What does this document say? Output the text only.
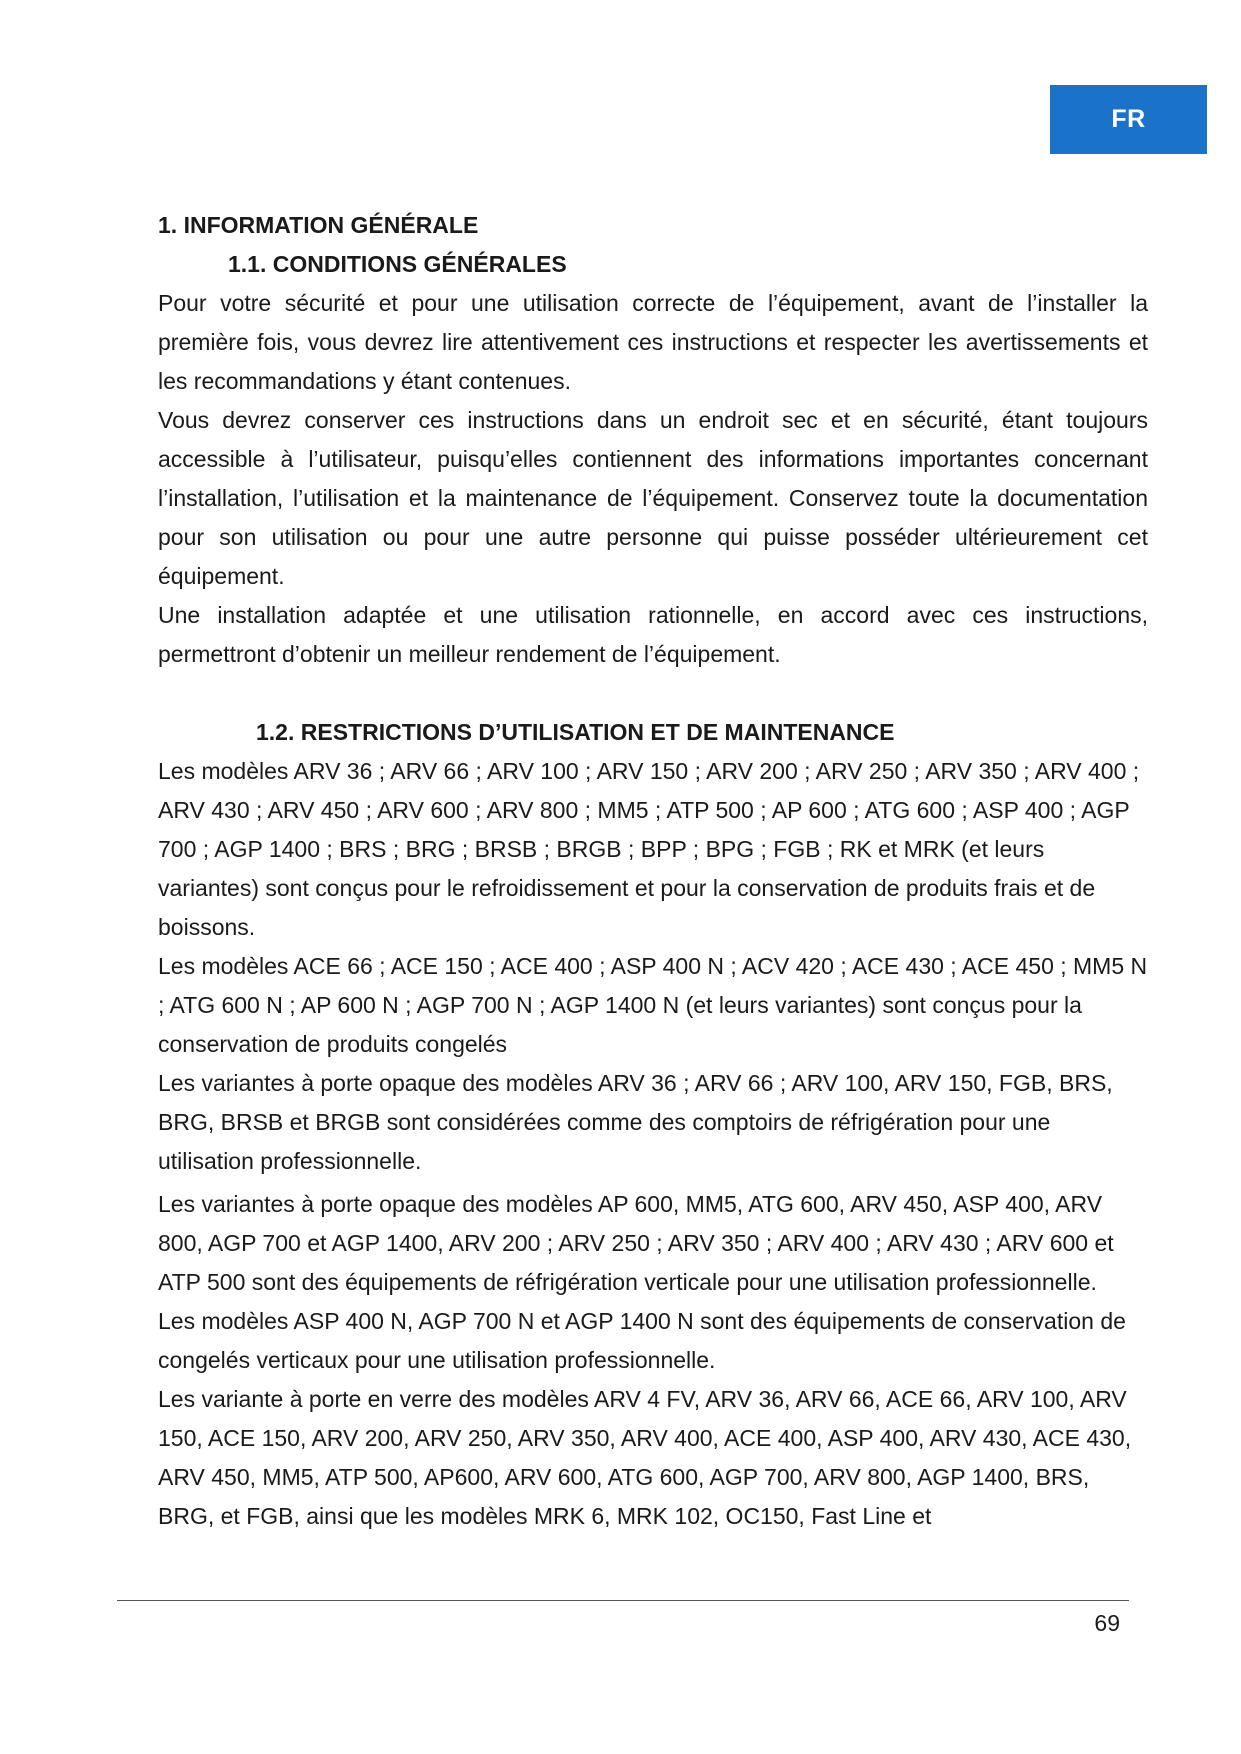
FR
1. INFORMATION GÉNÉRALE
1.1. CONDITIONS GÉNÉRALES

Pour votre sécurité et pour une utilisation correcte de l’équipement, avant de l’installer la première fois, vous devrez lire attentivement ces instructions et respecter les avertissements et les recommandations y étant contenues.

Vous devrez conserver ces instructions dans un endroit sec et en sécurité, étant toujours accessible à l’utilisateur, puisqu’elles contiennent des informations importantes concernant l’installation, l’utilisation et la maintenance de l’équipement. Conservez toute la documentation pour son utilisation ou pour une autre personne qui puisse posséder ultérieurement cet équipement.

Une installation adaptée et une utilisation rationnelle, en accord avec ces instructions, permettront d’obtenir un meilleur rendement de l’équipement.

1.2. RESTRICTIONS D’UTILISATION ET DE MAINTENANCE

Les modèles ARV 36 ; ARV 66 ; ARV 100 ; ARV 150 ; ARV 200 ; ARV 250 ; ARV 350 ; ARV 400 ; ARV 430 ; ARV 450 ; ARV 600 ; ARV 800 ; MM5 ; ATP 500 ; AP 600 ; ATG 600 ; ASP 400 ; AGP 700 ; AGP 1400 ; BRS ; BRG ; BRSB ; BRGB ; BPP ; BPG ; FGB ; RK et MRK (et leurs variantes) sont conçus pour le refroidissement et pour la conservation de produits frais et de boissons.

Les modèles ACE 66 ; ACE 150 ; ACE 400 ; ASP 400 N ; ACV 420 ; ACE 430 ; ACE 450 ; MM5 N ; ATG 600 N ; AP 600 N ; AGP 700 N ; AGP 1400 N (et leurs variantes) sont conçus pour la conservation de produits congelés

Les variantes à porte opaque des modèles ARV 36 ; ARV 66 ; ARV 100, ARV 150, FGB, BRS, BRG, BRSB et BRGB sont considérées comme des comptoirs de réfrigération pour une utilisation professionnelle.

Les variantes à porte opaque des modèles AP 600, MM5, ATG 600, ARV 450, ASP 400, ARV 800, AGP 700 et AGP 1400, ARV 200 ; ARV 250 ; ARV 350 ; ARV 400 ; ARV 430 ; ARV 600 et ATP 500 sont des équipements de réfrigération verticale pour une utilisation professionnelle.

Les modèles ASP 400 N, AGP 700 N et AGP 1400 N sont des équipements de conservation de congelés verticaux pour une utilisation professionnelle.

Les variante à porte en verre des modèles ARV 4 FV, ARV 36, ARV 66, ACE 66, ARV 100, ARV 150, ACE 150, ARV 200, ARV 250, ARV 350, ARV 400, ACE 400, ASP 400, ARV 430, ACE 430, ARV 450, MM5, ATP 500, AP600, ARV 600, ATG 600, AGP 700, ARV 800, AGP 1400, BRS, BRG, et FGB, ainsi que les modèles MRK 6, MRK 102, OC150, Fast Line et

69
